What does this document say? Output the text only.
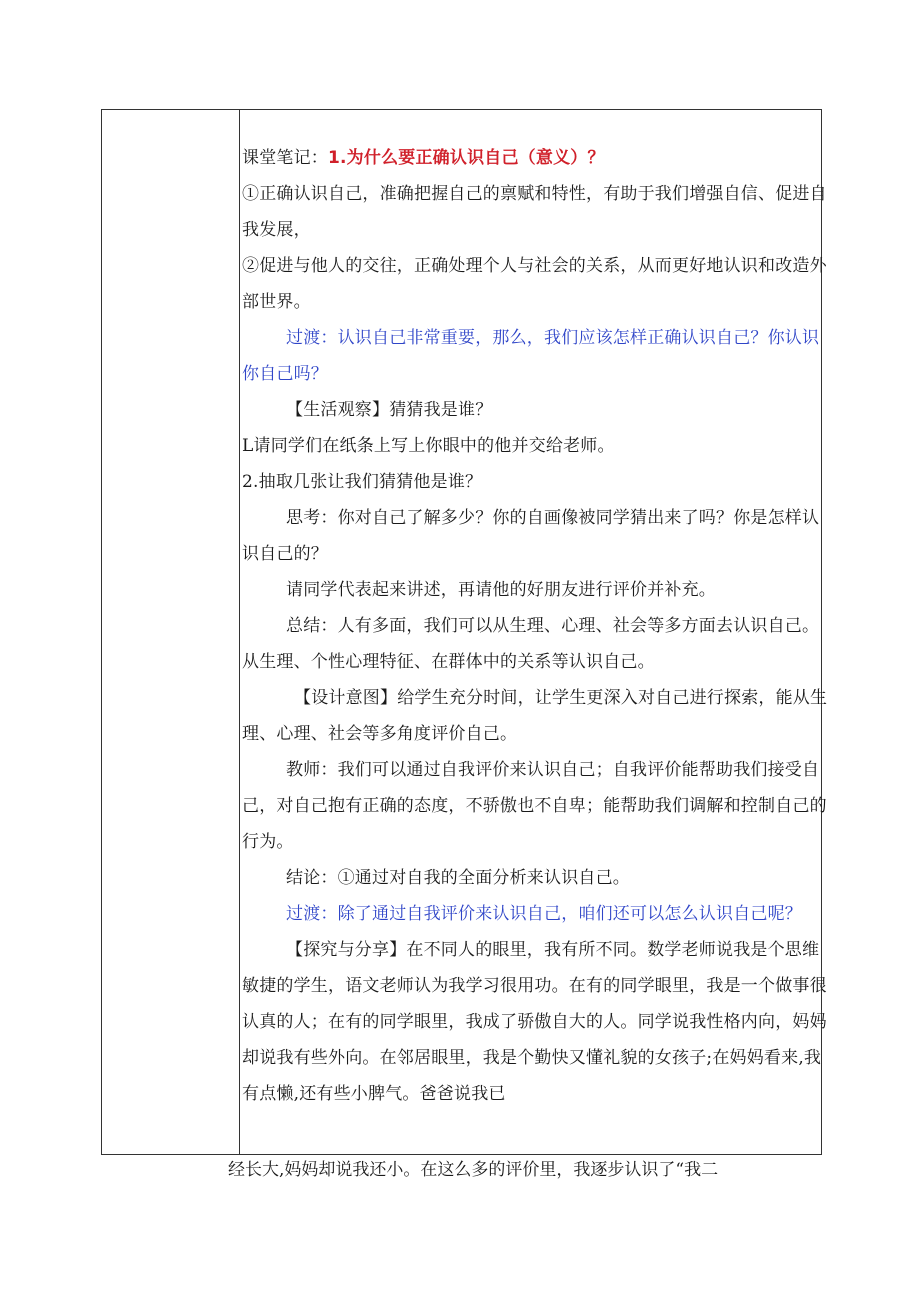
课堂笔记：1.为什么要正确认识自己（意义）？
①正确认识自己，准确把握自己的禀赋和特性，有助于我们增强自信、促进自
我发展，
②促进与他人的交往，正确处理个人与社会的关系，从而更好地认识和改造外
部世界。
过渡：认识自己非常重要，那么，我们应该怎样正确认识自己？你认识
你自己吗？
【生活观察】猜猜我是谁？
L请同学们在纸条上写上你眼中的他并交给老师。
2.抽取几张让我们猜猜他是谁？
思考：你对自己了解多少？你的自画像被同学猜出来了吗？你是怎样认
识自己的？
请同学代表起来讲述，再请他的好朋友进行评价并补充。
总结：人有多面，我们可以从生理、心理、社会等多方面去认识自己。
从生理、个性心理特征、在群体中的关系等认识自己。
【设计意图】给学生充分时间，让学生更深入对自己进行探索，能从生
理、心理、社会等多角度评价自己。
教师：我们可以通过自我评价来认识自己；自我评价能帮助我们接受自
己，对自己抱有正确的态度，不骄傲也不自卑；能帮助我们调解和控制自己的
行为。
结论：①通过对自我的全面分析来认识自己。
过渡：除了通过自我评价来认识自己，咱们还可以怎么认识自己呢？
【探究与分享】在不同人的眼里，我有所不同。数学老师说我是个思维
敏捷的学生，语文老师认为我学习很用功。在有的同学眼里，我是一个做事很
认真的人；在有的同学眼里，我成了骄傲自大的人。同学说我性格内向，妈妈
却说我有些外向。在邻居眼里，我是个勤快又懂礼貌的女孩子;在妈妈看来,我
有点懒,还有些小脾气。爸爸说我已
经长大,妈妈却说我还小。在这么多的评价里，我逐步认识了“我二
